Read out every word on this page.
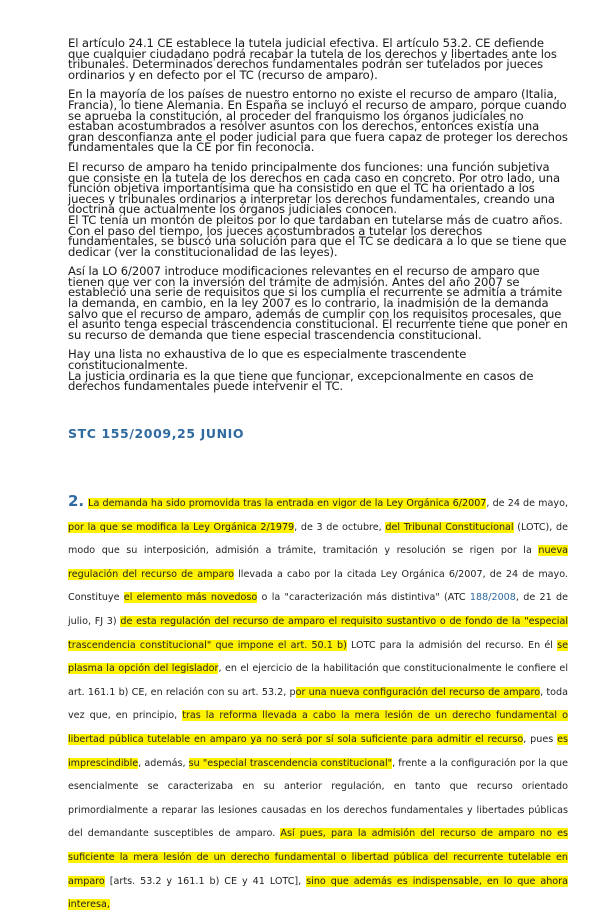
El artículo 24.1 CE establece la tutela judicial efectiva. El artículo 53.2. CE defiende que cualquier ciudadano podrá recabar la tutela de los derechos y libertades ante los tribunales. Determinados derechos fundamentales podrán ser tutelados por jueces ordinarios y en defecto por el TC (recurso de amparo).

En la mayoría de los países de nuestro entorno no existe el recurso de amparo (Italia, Francia), lo tiene Alemania. En España se incluyó el recurso de amparo, porque cuando se aprueba la constitución, al proceder del franquismo los órganos judiciales no estaban acostumbrados a resolver asuntos con los derechos, entonces existía una gran desconfianza ante el poder judicial para que fuera capaz de proteger los derechos fundamentales que la CE por fin reconocía.

El recurso de amparo ha tenido principalmente dos funciones: una función subjetiva que consiste en la tutela de los derechos en cada caso en concreto. Por otro lado, una función objetiva importantísima que ha consistido en que el TC ha orientado a los jueces y tribunales ordinarios a interpretar los derechos fundamentales, creando una doctrina que actualmente los órganos judiciales conocen.

El TC tenía un montón de pleitos por lo que tardaban en tutelarse más de cuatro años. Con el paso del tiempo, los jueces acostumbrados a tutelar los derechos fundamentales, se buscó una solución para que el TC se dedicara a lo que se tiene que dedicar (ver la constitucionalidad de las leyes).

Así la LO 6/2007 introduce modificaciones relevantes en el recurso de amparo que tienen que ver con la inversión del trámite de admisión. Antes del año 2007 se estableció una serie de requisitos que si los cumplía el recurrente se admitía a trámite la demanda, en cambio, en la ley 2007 es lo contrario, la inadmisión de la demanda salvo que el recurso de amparo, además de cumplir con los requisitos procesales, que el asunto tenga especial trascendencia constitucional. El recurrente tiene que poner en su recurso de demanda que tiene especial trascendencia constitucional.

Hay una lista no exhaustiva de lo que es especialmente trascendente constitucionalmente.

La justicia ordinaria es la que tiene que funcionar, excepcionalmente en casos de derechos fundamentales puede intervenir el TC.

STC 155/2009,25 JUNIO
2. La demanda ha sido promovida tras la entrada en vigor de la Ley Orgánica 6/2007, de 24 de mayo, por la que se modifica la Ley Orgánica 2/1979, de 3 de octubre, del Tribunal Constitucional (LOTC), de modo que su interposición, admisión a trámite, tramitación y resolución se rigen por la nueva regulación del recurso de amparo llevada a cabo por la citada Ley Orgánica 6/2007, de 24 de mayo. Constituye el elemento más novedoso o la "caracterización más distintiva" (ATC 188/2008, de 21 de julio, FJ 3) de esta regulación del recurso de amparo el requisito sustantivo o de fondo de la "especial trascendencia constitucional" que impone el art. 50.1 b) LOTC para la admisión del recurso. En él se plasma la opción del legislador, en el ejercicio de la habilitación que constitucionalmente le confiere el art. 161.1 b) CE, en relación con su art. 53.2, por una nueva configuración del recurso de amparo, toda vez que, en principio, tras la reforma llevada a cabo la mera lesión de un derecho fundamental o libertad pública tutelable en amparo ya no será por sí sola suficiente para admitir el recurso, pues es imprescindible, además, su "especial trascendencia constitucional", frente a la configuración por la que esencialmente se caracterizaba en su anterior regulación, en tanto que recurso orientado primordialmente a reparar las lesiones causadas en los derechos fundamentales y libertades públicas del demandante susceptibles de amparo. Así pues, para la admisión del recurso de amparo no es suficiente la mera lesión de un derecho fundamental o libertad pública del recurrente tutelable en amparo [arts. 53.2 y 161.1 b) CE y 41 LOTC], sino que además es indispensable, en lo que ahora interesa,
